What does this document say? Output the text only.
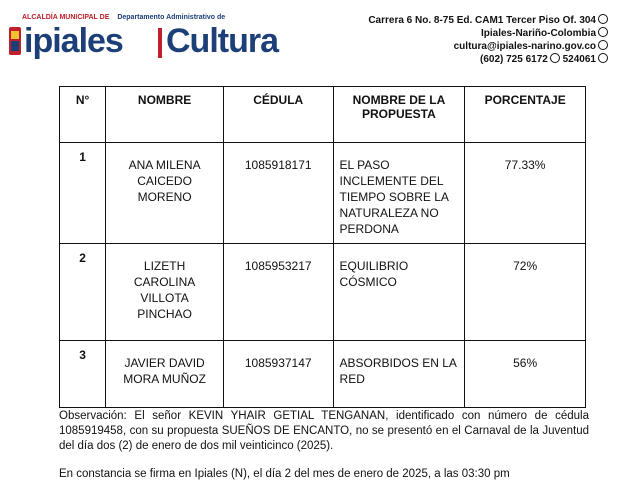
ALCALDÍA MUNICIPAL DE Departamento Administrativo de
ipiales Cultura
Carrera 6 No. 8-75 Ed. CAM1 Tercer Piso Of. 304
Ipiales-Nariño-Colombia
cultura@ipiales-narino.gov.co
(602) 725 6172 524061
N°	NOMBRE	CÉDULA	NOMBRE DE LA PROPUESTA	PORCENTAJE
1	ANA MILENA CAICEDO MORENO	1085918171	EL PASO INCLEMENTE DEL TIEMPO SOBRE LA NATURALEZA NO PERDONA	77.33%
2	LIZETH CAROLINA VILLOTA PINCHAO	1085953217	EQUILIBRIO CÓSMICO	72%
3	JAVIER DAVID MORA MUÑOZ	1085937147	ABSORBIDOS EN LA RED	56%
Observación: El señor KEVIN YHAIR GETIAL TENGANAN, identificado con número de cédula 1085919458, con su propuesta SUEÑOS DE ENCANTO, no se presentó en el Carnaval de la Juventud del día dos (2) de enero de dos mil veinticinco (2025).
En constancia se firma en Ipiales (N), el día 2 del mes de enero de 2025, a las 03:30 pm
